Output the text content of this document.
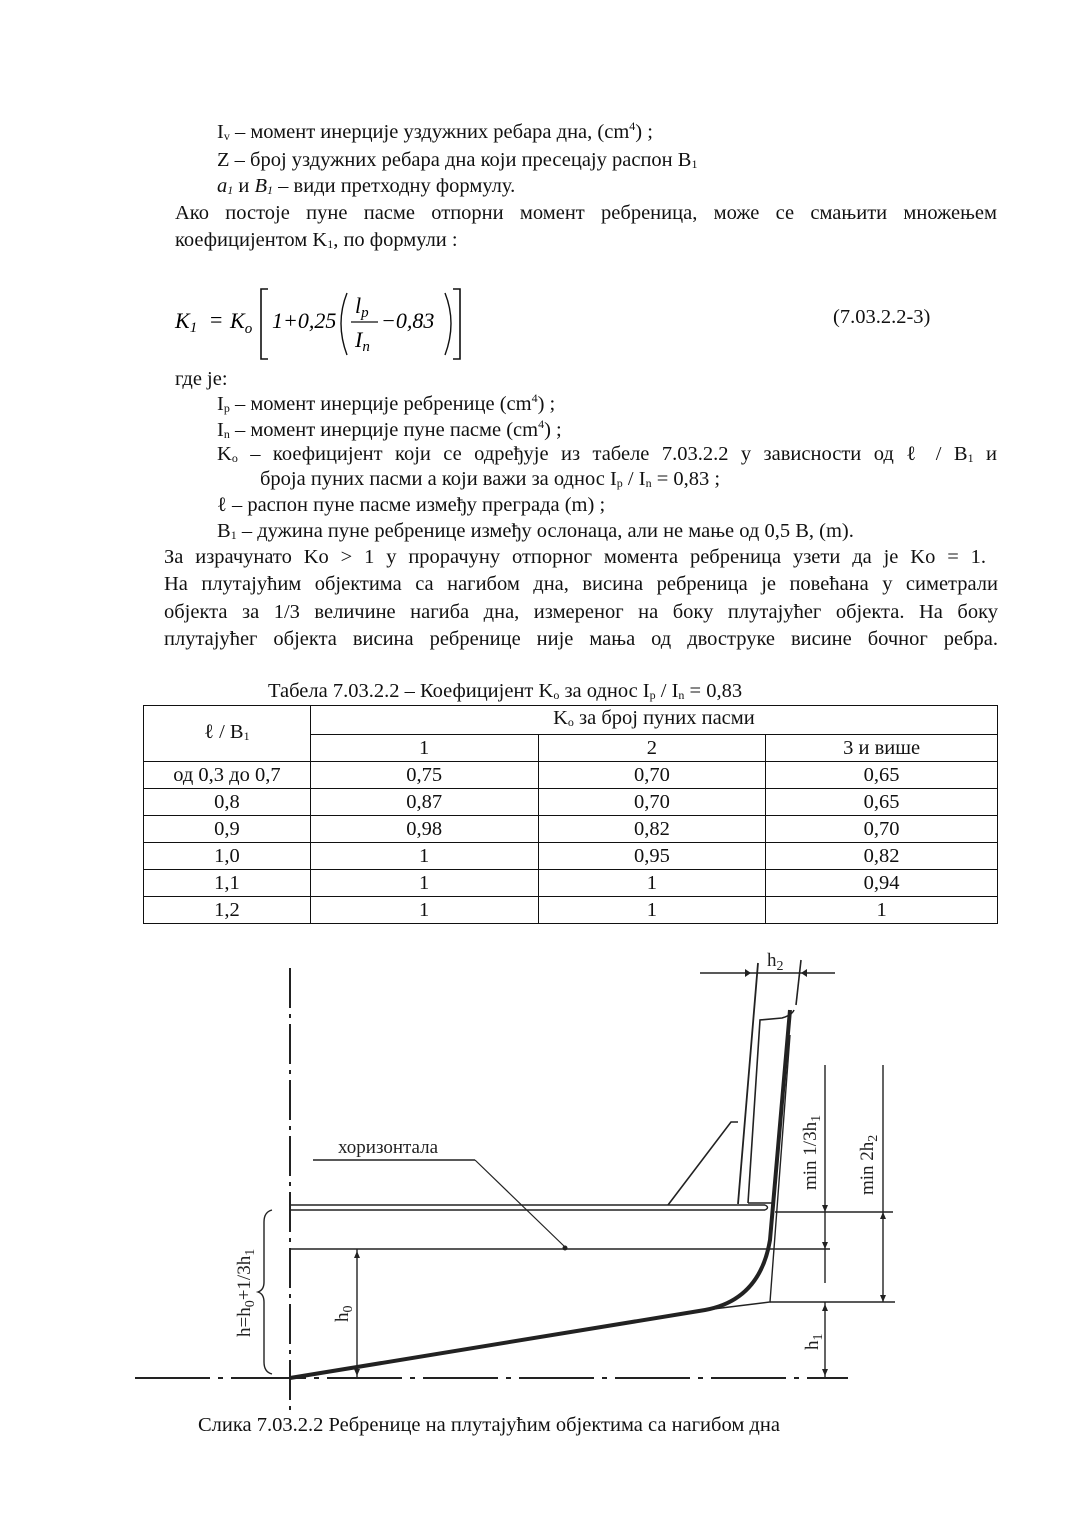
$I_v$ – момент инерције уздужних ребара дна, $(cm^4)$ ;
Z – број уздужних ребара дна који пресецају распон $B_1$
$a_1$ и $B_1$ – види претходну формулу.
Ако постоје пуне пасме отпорни момент ребреница, може се смањити множењем
коефицијентом $K_1$, по формули :
$K1 = K_o$ 1+0,25
lp
In
−0,83	(7.03.2.2-3)
где је:
$I_p$ – момент инерције ребренице $(cm^4)$ ;
$I_n$ – момент инерције пуне пасме $(cm^4)$ ;
$K_o$ – коефицијент који се одређује из табеле 7.03.2.2 у зависности од ℓ / $B_1$ и
броја пуних пасми а који важи за однос $I_p / I_n = 0,83$ ;
ℓ – распон пуне пасме између преграда (m) ;
$B_1$ – дужина пуне ребренице између ослонаца, али не мање од 0,5 B, (m).
За израчунато Ko > 1 у прорачуну отпорног момента ребреница узети да је Ko = 1.
На плутајућим објектима са нагибом дна, висина ребреница је повећана у симетрали
објекта за 1/3 величине нагиба дна, измереног на боку плутајућег објекта. На боку
плутајућег објекта висина ребренице није мања од двоструке висине бочног ребра.
Табела 7.03.2.2 – Коефицијент $K_o$ за однос $I_p / I_n = 0,83$
ℓ / $B_1$	$K_o$ за број пуних пасми		
	1	2	3 и више
од 0,3 до 0,7	0,75	0,70	0,65
0,8	0,87	0,70	0,65
0,9	0,98	0,82	0,70
1,0	1	0,95	0,82
1,1	1	1	0,94
1,2	1	1	1
хоризонтала
$h_2$
$\min 1/3h_1$
$\min 2h_2$
$h_0$
$h_1$
$h=h_0+1/3h_1$
Слика 7.03.2.2 Ребренице на плутајућим објектима са нагибом дна
